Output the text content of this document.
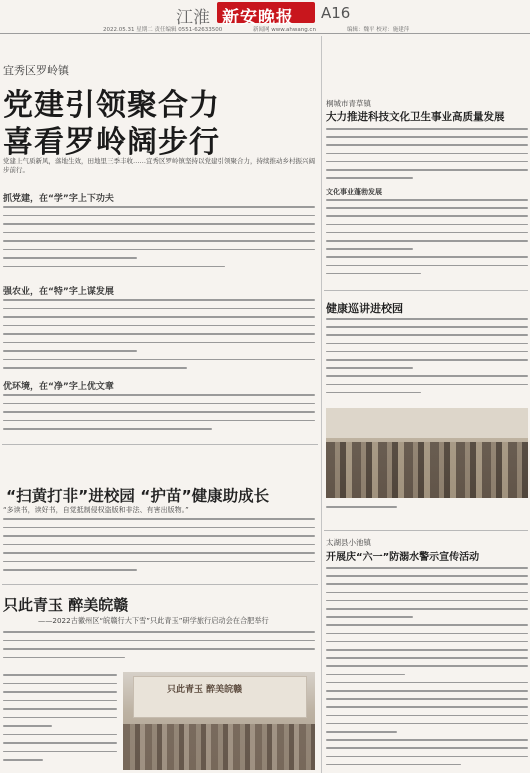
江淮 新安晚报 A16
2022.05.31 星期二 责任编辑 0551-62633500	新闻网 www.ahwang.cn	编辑：魏平 校对：施建萍
宜秀区罗岭镇
党建引领聚合力
喜看罗岭阔步行
党建上气质新风，落地生效，田地里三季丰收……宜秀区罗岭镇坚持以党建引领聚合力，持续推动乡村振兴阔步前行。
抓党建，在“学”字上下功夫
强农业，在“特”字上谋发展
优环境，在“净”字上优文章
“扫黄打非”进校园 “护苗”健康助成长
“多读书，读好书，自觉抵制侵权盗版和非法、有害出版物。”
只此青玉 醉美皖赣
——2022古徽州区“皖赣行大下雪”只此青玉”研学旅行启动会在合肥举行
只此青玉 醉美皖赣
桐城市青草镇
大力推进科技文化卫生事业高质量发展
文化事业蓬勃发展
健康巡讲进校园
太湖县小池镇
开展庆“六一”防溺水警示宣传活动
